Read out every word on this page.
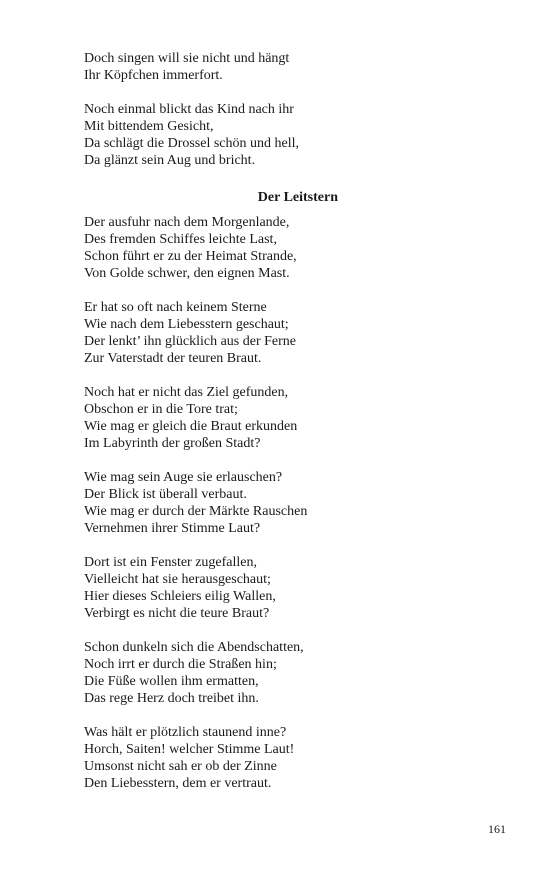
Doch singen will sie nicht und hängt
Ihr Köpfchen immerfort.
Noch einmal blickt das Kind nach ihr
Mit bittendem Gesicht,
Da schlägt die Drossel schön und hell,
Da glänzt sein Aug und bricht.
Der Leitstern
Der ausfuhr nach dem Morgenlande,
Des fremden Schiffes leichte Last,
Schon führt er zu der Heimat Strande,
Von Golde schwer, den eignen Mast.
Er hat so oft nach keinem Sterne
Wie nach dem Liebesstern geschaut;
Der lenkt’ ihn glücklich aus der Ferne
Zur Vaterstadt der teuren Braut.
Noch hat er nicht das Ziel gefunden,
Obschon er in die Tore trat;
Wie mag er gleich die Braut erkunden
Im Labyrinth der großen Stadt?
Wie mag sein Auge sie erlauschen?
Der Blick ist überall verbaut.
Wie mag er durch der Märkte Rauschen
Vernehmen ihrer Stimme Laut?
Dort ist ein Fenster zugefallen,
Vielleicht hat sie herausgeschaut;
Hier dieses Schleiers eilig Wallen,
Verbirgt es nicht die teure Braut?
Schon dunkeln sich die Abendschatten,
Noch irrt er durch die Straßen hin;
Die Füße wollen ihm ermatten,
Das rege Herz doch treibet ihn.
Was hält er plötzlich staunend inne?
Horch, Saiten! welcher Stimme Laut!
Umsonst nicht sah er ob der Zinne
Den Liebesstern, dem er vertraut.
161
